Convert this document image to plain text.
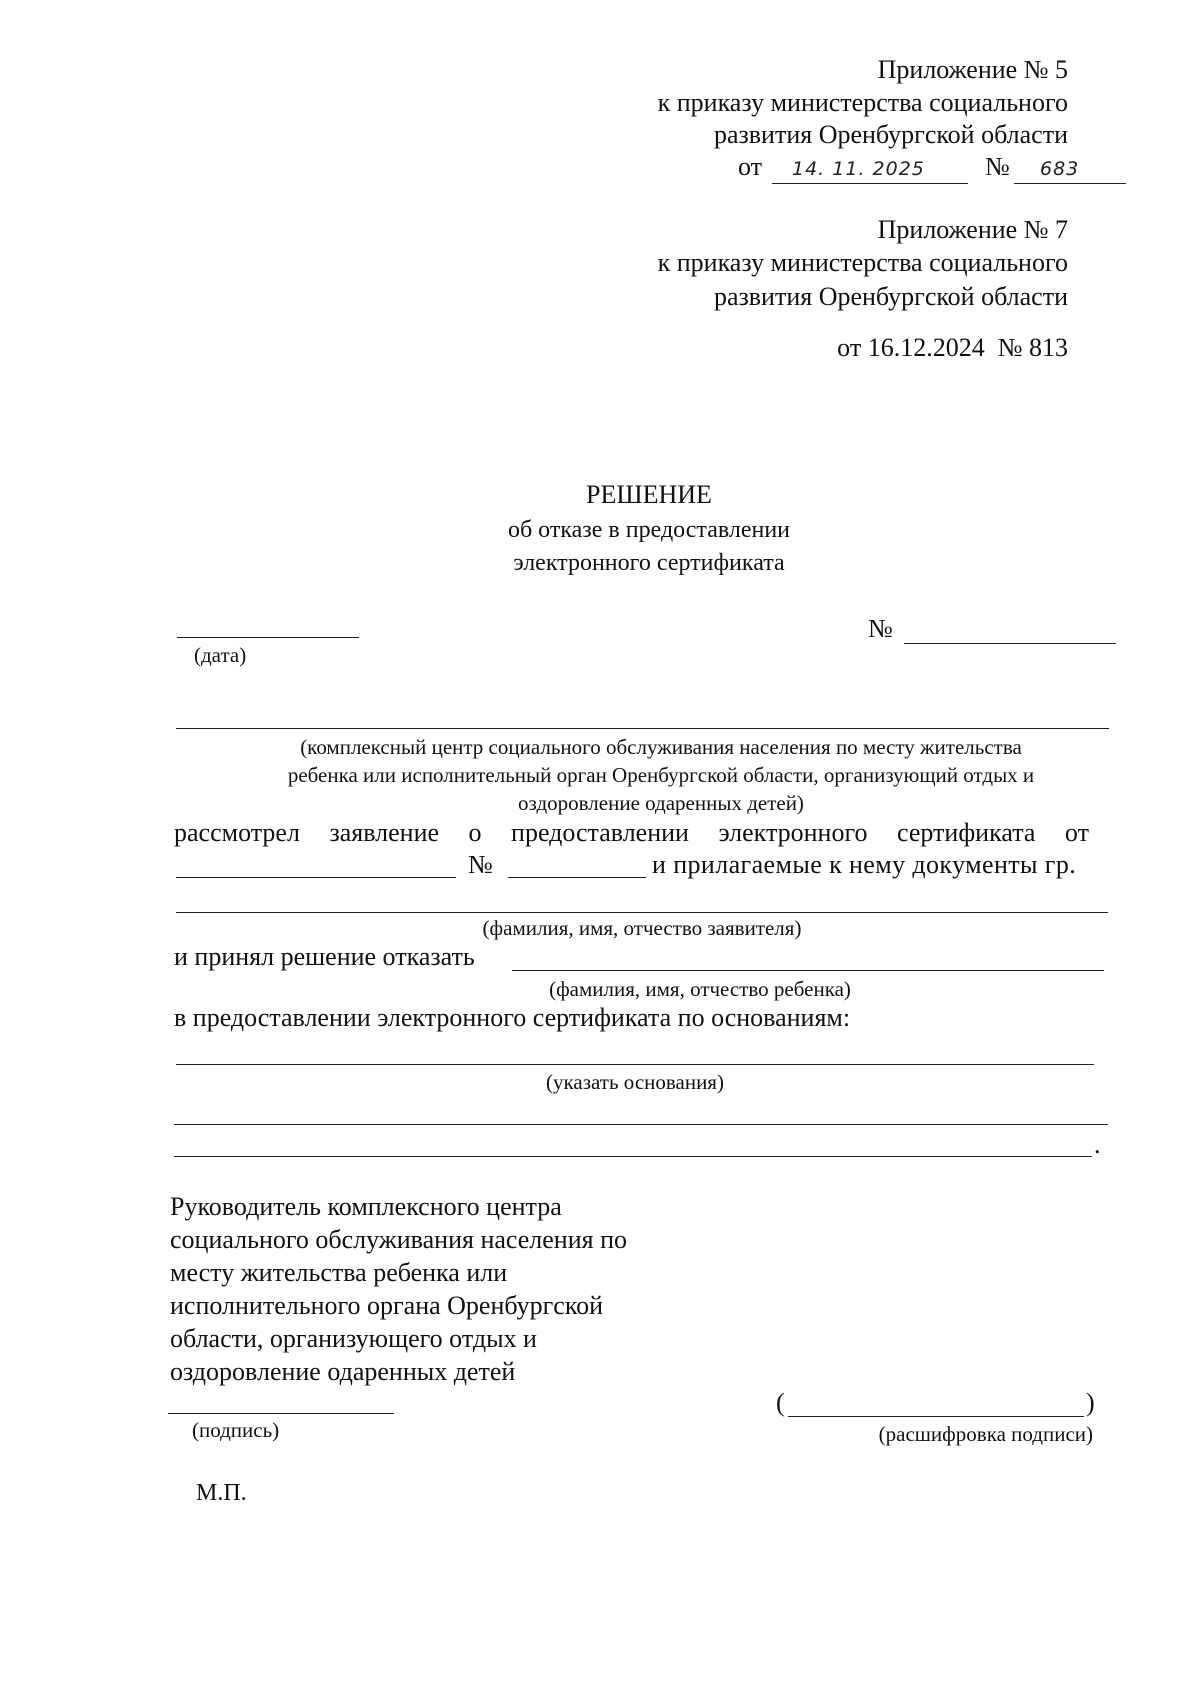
Приложение № 5
к приказу министерства социального
развития Оренбургской области
от 14. 11. 2025 № 683
Приложение № 7
к приказу министерства социального
развития Оренбургской области
от 16.12.2024  № 813
РЕШЕНИЕ
об отказе в предоставлении
электронного сертификата
(дата)
№
(комплексный центр социального обслуживания населения по месту жительства
ребенка или исполнительный орган Оренбургской области, организующий отдых и
оздоровление одаренных детей)
рассмотрел заявление о предоставлении электронного сертификата от
№	и прилагаемые к нему документы гр.
(фамилия, имя, отчество заявителя)
и принял решение отказать
(фамилия, имя, отчество ребенка)
в предоставлении электронного сертификата по основаниям:
(указать основания)
.
Руководитель комплексного центра
социального обслуживания населения по
месту жительства ребенка или
исполнительного органа Оренбургской
области, организующего отдых и
оздоровление одаренных детей
(подпись)
(	)
(расшифровка подписи)
М.П.
